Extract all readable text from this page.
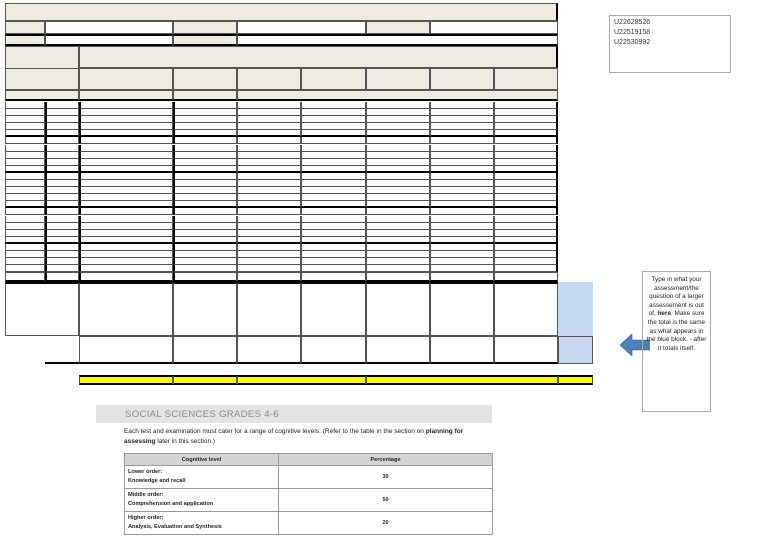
U22628526
U22519158
U22530992
Type in what your assessment/the question of a larger assessement is out of, here. Make sure the total is the same as what appears in the blue block. - after it totals itself.
SOCIAL SCIENCES GRADES 4-6
Each test and examination must cater for a range of cognitive levels. (Refer to the table in the section on planning for assessing later in this section.)
Cognitive level	Percentage

Lower order:
Knowledge and recall	30

Middle order:
Comprehension and application	50

Higher order:
Analysis, Evaluation and Synthesis	20
